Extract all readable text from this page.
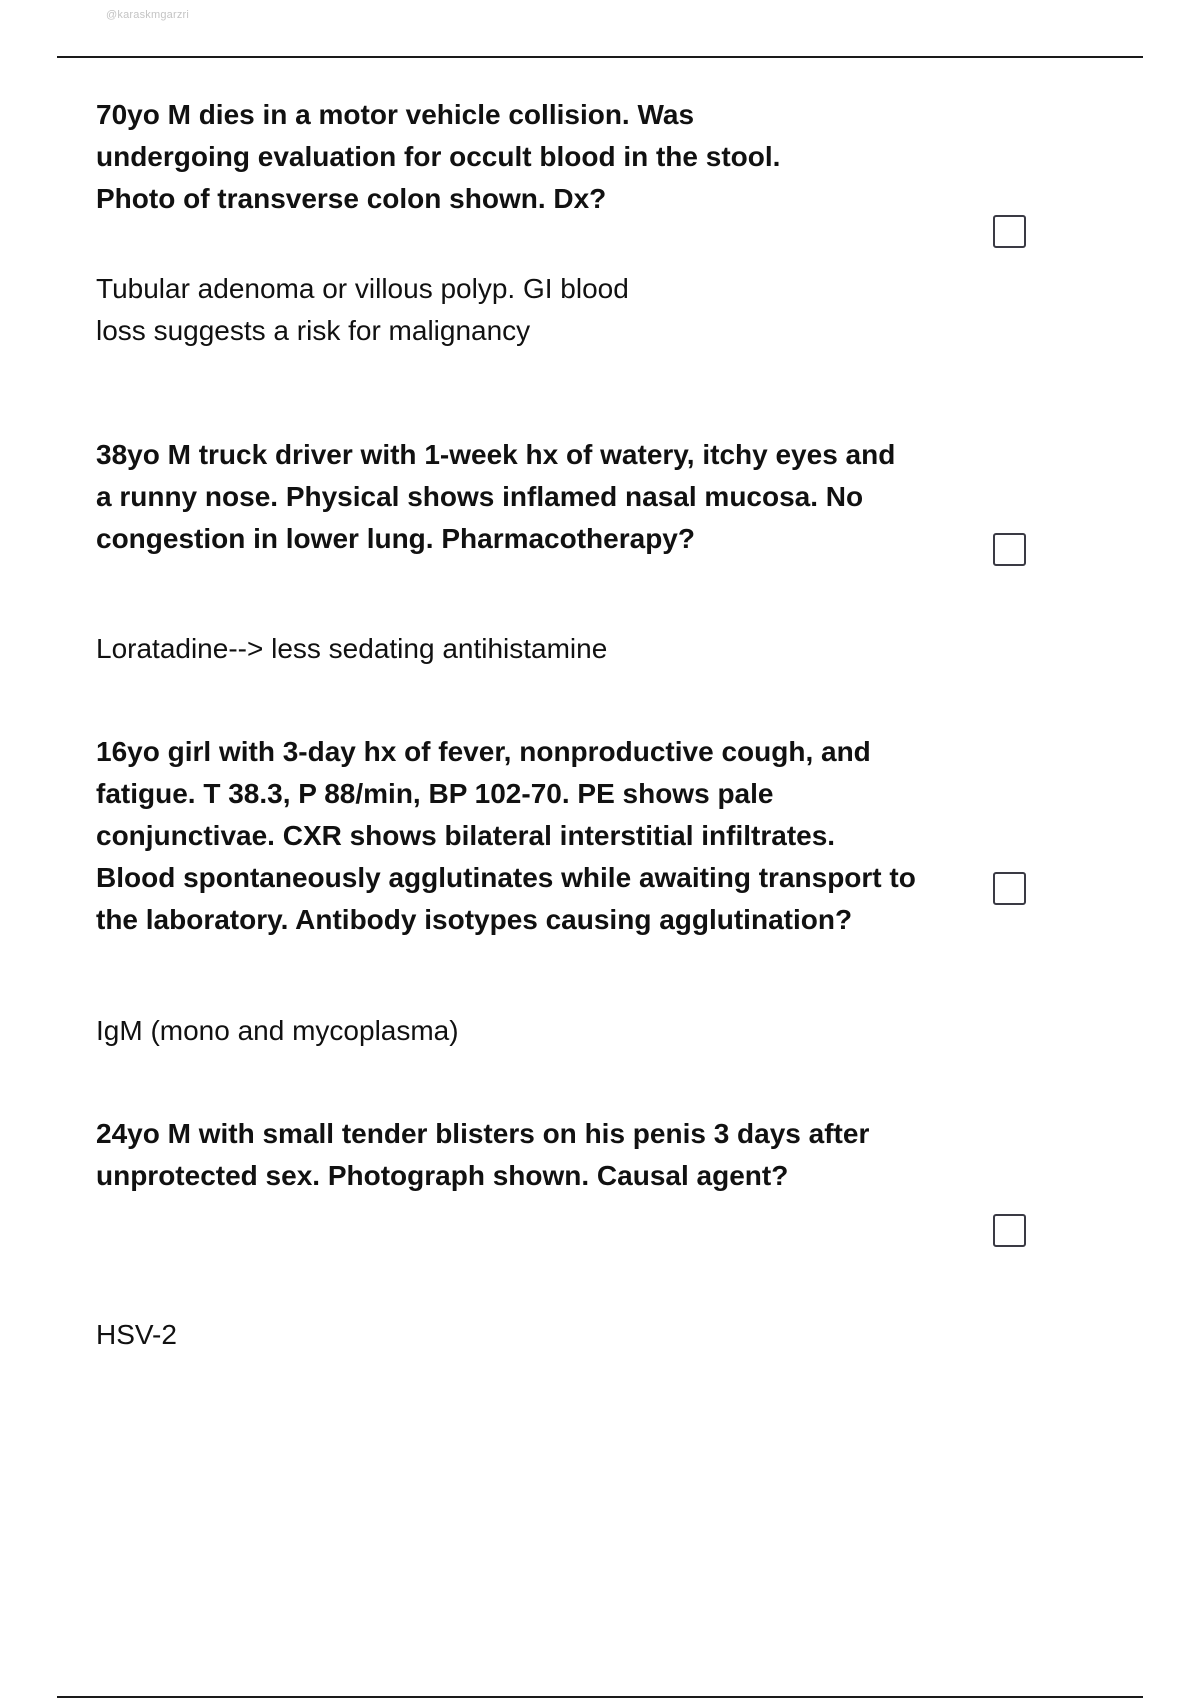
@karaskmgarzri

70yo M dies in a motor vehicle collision. Was undergoing evaluation for occult blood in the stool. Photo of transverse colon shown. Dx?

Tubular adenoma or villous polyp. GI blood loss suggests a risk for malignancy

38yo M truck driver with 1-week hx of watery, itchy eyes and a runny nose. Physical shows inflamed nasal mucosa. No congestion in lower lung. Pharmacotherapy?

Loratadine--> less sedating antihistamine

16yo girl with 3-day hx of fever, nonproductive cough, and fatigue. T 38.3, P 88/min, BP 102-70. PE shows pale conjunctivae. CXR shows bilateral interstitial infiltrates. Blood spontaneously agglutinates while awaiting transport to the laboratory. Antibody isotypes causing agglutination?

IgM (mono and mycoplasma)

24yo M with small tender blisters on his penis 3 days after unprotected sex. Photograph shown. Causal agent?

HSV-2
